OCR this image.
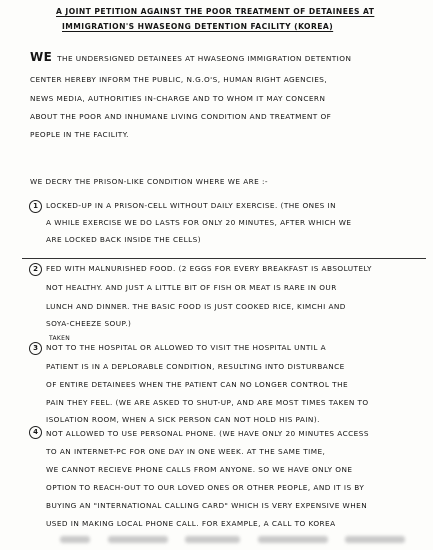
A JOINT PETITION AGAINST THE POOR TREATMENT OF DETAINEES AT
IMMIGRATION'S HWASEONG DETENTION FACILITY (KOREA)
WE THE UNDERSIGNED DETAINEES AT HWASEONG IMMIGRATION DETENTION
CENTER HEREBY INFORM THE PUBLIC, N.G.O'S, HUMAN RIGHT AGENCIES,
NEWS MEDIA, AUTHORITIES IN-CHARGE AND TO WHOM IT MAY CONCERN
ABOUT THE POOR AND INHUMANE LIVING CONDITION AND TREATMENT OF
PEOPLE IN THE FACILITY.
WE DECRY THE PRISON-LIKE CONDITION WHERE WE ARE :-
1	LOCKED-UP IN A PRISON-CELL WITHOUT DAILY EXERCISE. (THE ONES IN
A WHILE EXERCISE WE DO LASTS FOR ONLY 20 MINUTES, AFTER WHICH WE
ARE LOCKED BACK INSIDE THE CELLS)
2	FED WITH MALNURISHED FOOD. (2 EGGS FOR EVERY BREAKFAST IS ABSOLUTELY
NOT HEALTHY. AND JUST A LITTLE BIT OF FISH OR MEAT IS RARE IN OUR
LUNCH AND DINNER. THE BASIC FOOD IS JUST COOKED RICE, KIMCHI AND
SOYA-CHEEZE SOUP.)
TAKEN
3	NOT TO THE HOSPITAL OR ALLOWED TO VISIT THE HOSPITAL UNTIL A
PATIENT IS IN A DEPLORABLE CONDITION, RESULTING INTO DISTURBANCE
OF ENTIRE DETAINEES WHEN THE PATIENT CAN NO LONGER CONTROL THE
PAIN THEY FEEL. (WE ARE ASKED TO SHUT-UP, AND ARE MOST TIMES TAKEN TO
ISOLATION ROOM, WHEN A SICK PERSON CAN NOT HOLD HIS PAIN).
4	NOT ALLOWED TO USE PERSONAL PHONE. (WE HAVE ONLY 20 MINUTES ACCESS
TO AN INTERNET-PC FOR ONE DAY IN ONE WEEK. AT THE SAME TIME,
WE CANNOT RECIEVE PHONE CALLS FROM ANYONE. SO WE HAVE ONLY ONE
OPTION TO REACH-OUT TO OUR LOVED ONES OR OTHER PEOPLE, AND IT IS BY
BUYING AN "INTERNATIONAL CALLING CARD" WHICH IS VERY EXPENSIVE WHEN
USED IN MAKING LOCAL PHONE CALL. FOR EXAMPLE, A CALL TO KOREA
